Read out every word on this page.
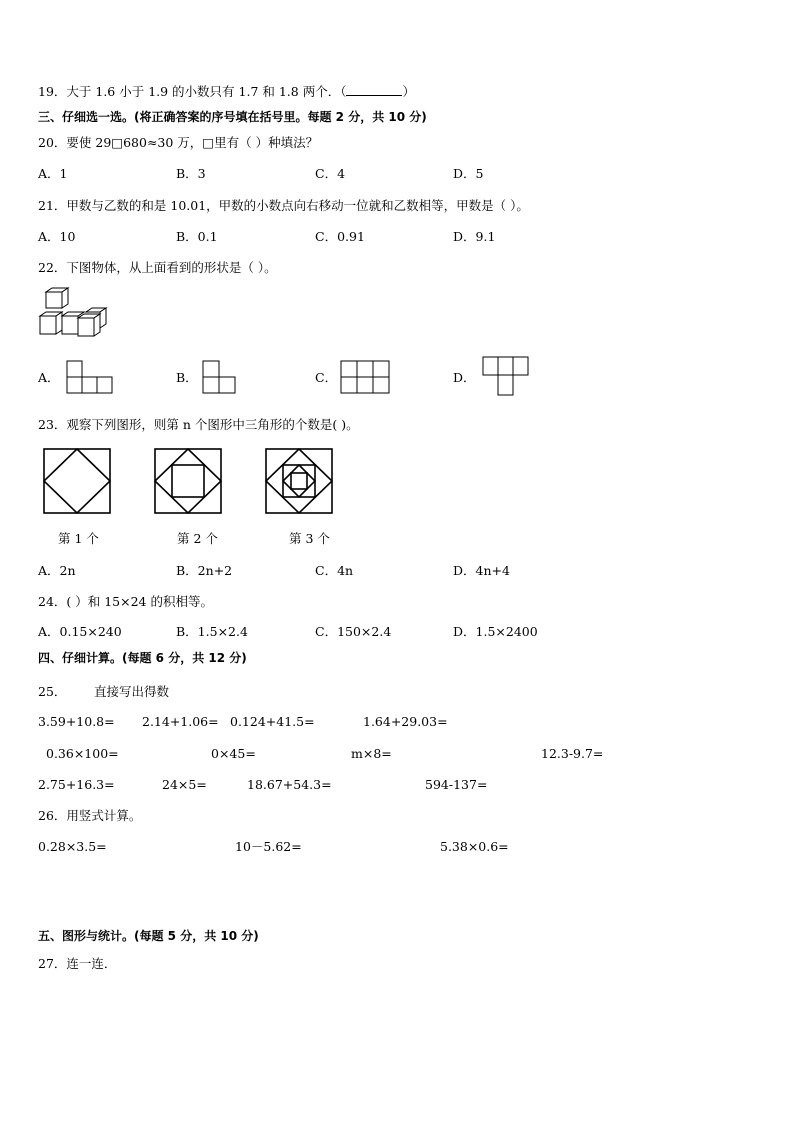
19．大于 1.6 小于 1.9 的小数只有 1.7 和 1.8 两个．（	）
三、仔细选一选。(将正确答案的序号填在括号里。每题 2 分，共 10 分)
20．要使 29□680≈30 万，□里有（ ）种填法？
A．1	B．3	C．4	D．5
21．甲数与乙数的和是 10.01，甲数的小数点向右移动一位就和乙数相等，甲数是（ ）。
A．10	B．0.1	C．0.91	D．9.1
22．下图物体，从上面看到的形状是（ ）。
A．	B．	C．	D．
23．观察下列图形，则第 n 个图形中三角形的个数是( )。
第 1 个	第 2 个	第 3 个
A．2n	B．2n+2	C．4n	D．4n+4
24．( ）和 15×24 的积相等。
A．0.15×240	B．1.5×2.4	C．150×2.4	D．1.5×2400
四、仔细计算。(每题 6 分，共 12 分)
25． 直接写出得数
3.59+10.8= 2.14+1.06= 0.124+41.5=	1.64+29.03=
0.36×100=	0×45=	m×8=	12.3-9.7=
2.75+16.3=	24×5=	18.67+54.3=	594-137=
26．用竖式计算。
0.28×3.5=	10－5.62=	5.38×0.6=
五、图形与统计。(每题 5 分，共 10 分)
27．连一连．
